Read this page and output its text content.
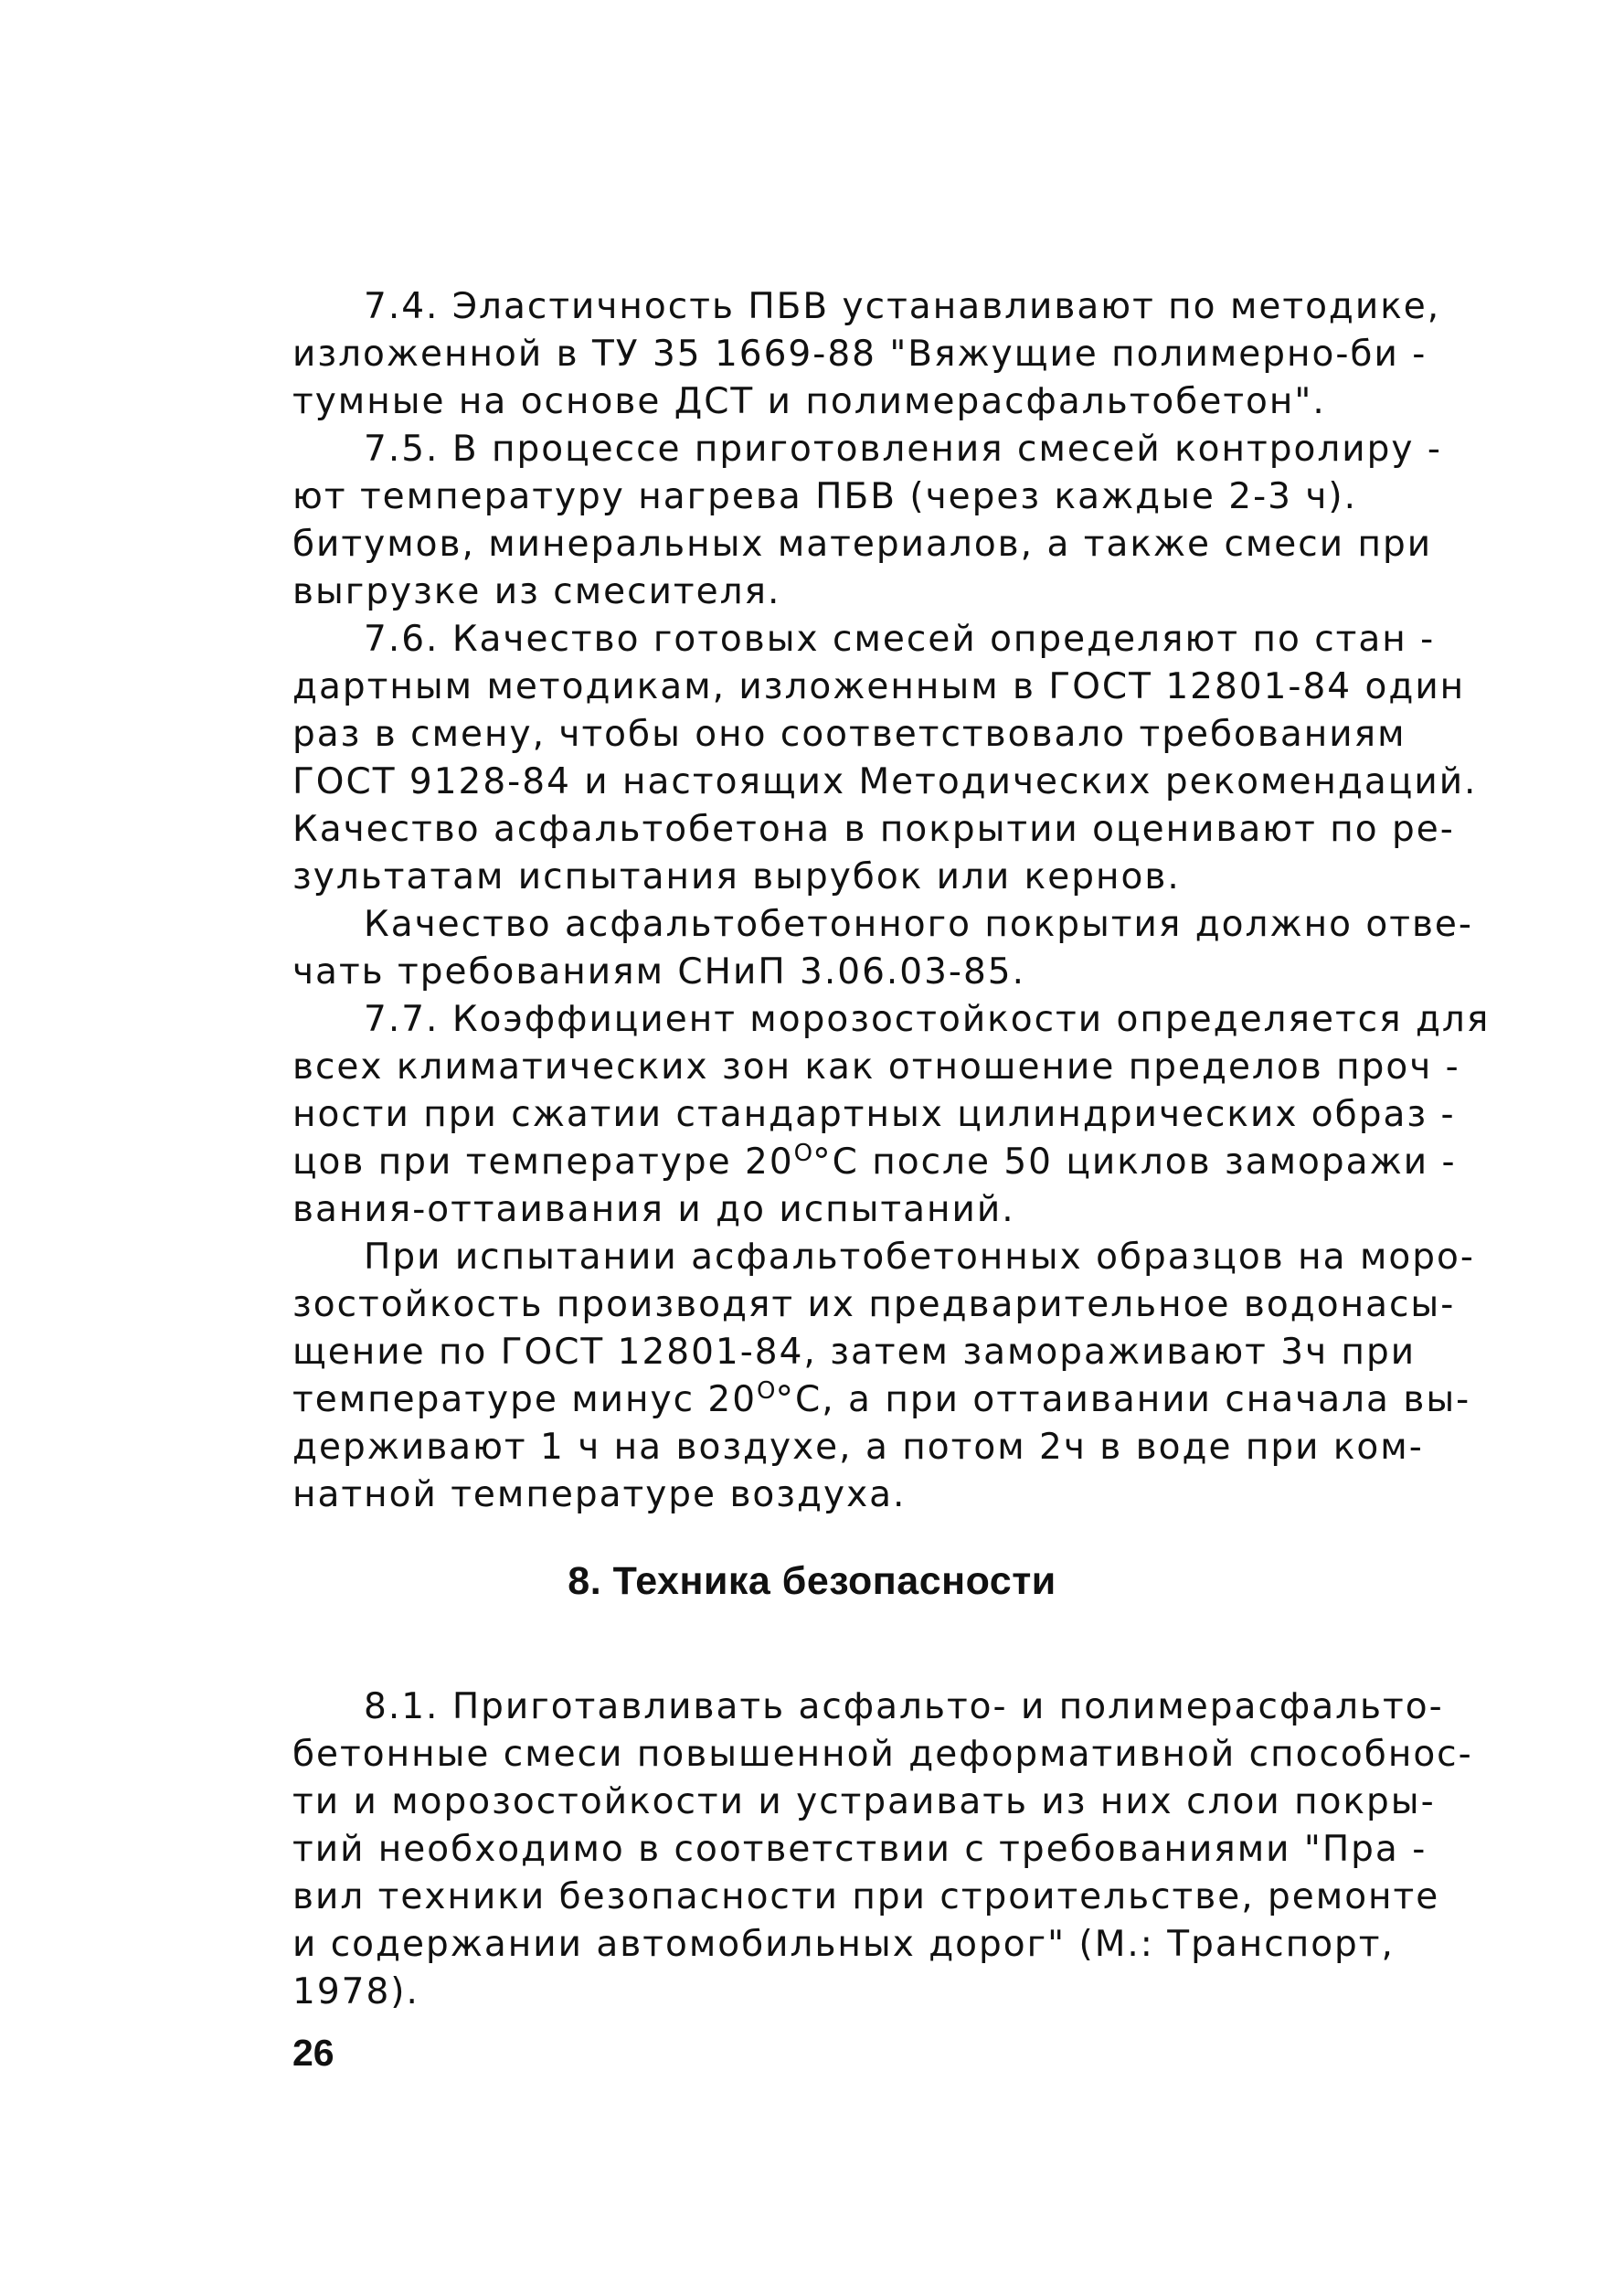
7.4. Эластичность ПБВ устанавливают по методике,
изложенной в ТУ 35 1669-88 "Вяжущие полимерно-би -
тумные на основе ДСТ и полимерасфальтобетон".
7.5. В процессе приготовления смесей контролиру -
ют температуру нагрева ПБВ (через каждые 2-3 ч).
битумов, минеральных материалов, а также смеси при
выгрузке из смесителя.
7.6. Качество готовых смесей определяют по стан -
дартным методикам, изложенным в ГОСТ 12801-84 один
раз в смену, чтобы оно соответствовало требованиям
ГОСТ 9128-84 и настоящих Методических рекомендаций.
Качество асфальтобетона в покрытии оценивают по ре-
зультатам испытания вырубок или кернов.
Качество асфальтобетонного покрытия должно отве-
чать требованиям СНиП 3.06.03-85.
7.7. Коэффициент морозостойкости определяется для
всех климатических зон как отношение пределов проч -
ности при сжатии стандартных цилиндрических образ -
цов при температуре $20^O^\circ С$ после 50 циклов заморажи -
вания-оттаивания и до испытаний.
При испытании асфальтобетонных образцов на моро-
зостойкость производят их предварительное водонасы-
щение по ГОСТ 12801-84, затем замораживают 3ч при
температуре минус $20^O^\circ С$, а при оттаивании сначала вы-
держивают 1 ч на воздухе, а потом 2ч в воде при ком-
натной температуре воздуха.
8. Техника безопасности
8.1. Приготавливать асфальто- и полимерасфальто-
бетонные смеси повышенной деформативной способнос-
ти и морозостойкости и устраивать из них слои покры-
тий необходимо в соответствии с требованиями "Пра -
вил техники безопасности при строительстве, ремонте
и содержании автомобильных дорог" (М.: Транспорт,
1978).
26
